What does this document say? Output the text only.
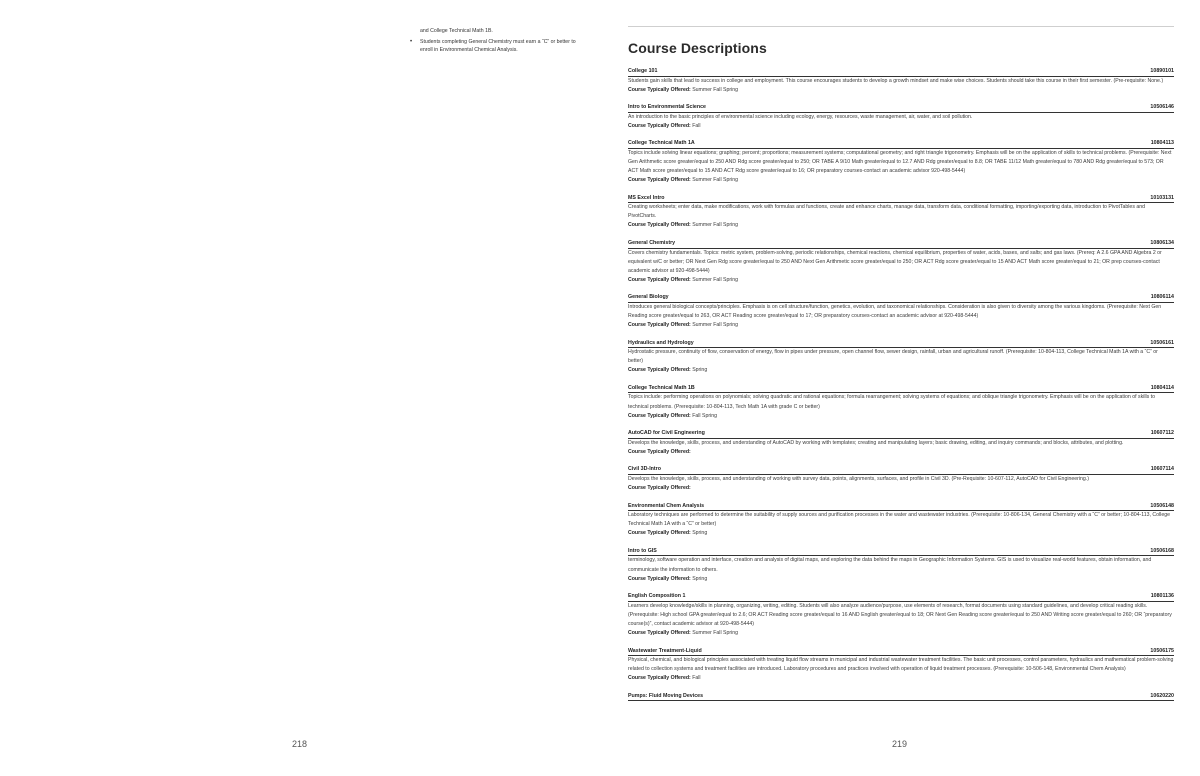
and College Technical Math 1B.
• Students completing General Chemistry must earn a “C” or better to enroll in Environmental Chemical Analysis.
218
Course Descriptions
College 101	10890101

Students gain skills that lead to success in college and employment. This course encourages students to develop a growth mindset and make wise choices. Students should take this course in their first semester. (Pre-requisite: None.)

Course Typically Offered: Summer Fall Spring
Intro to Environmental Science	10506146

An introduction to the basic principles of environmental science including ecology, energy, resources, waste management, air, water, and soil pollution.

Course Typically Offered: Fall
College Technical Math 1A	10804113

Topics include solving linear equations; graphing; percent; proportions; measurement systems; computational geometry; and right triangle trigonometry. Emphasis will be on the application of skills to technical problems. (Prerequisite: Next Gen Arithmetic score greater/equal to 250 AND Rdg score greater/equal to 250; OR TABE A 9/10 Math greater/equal to 12.7 AND Rdg greater/equal to 8.8; OR TABE 11/12 Math greater/equal to 780 AND Rdg greater/equal to 573; OR ACT Math score greater/equal to 15 AND ACT Rdg score greater/equal to 16; OR preparatory courses-contact an academic advisor 920-498-5444)

Course Typically Offered: Summer Fall Spring
MS Excel Intro	10103131

Creating worksheets; enter data, make modifications, work with formulas and functions, create and enhance charts, manage data, transform data, conditional formatting, importing/exporting data, introduction to PivotTables and PivotCharts.

Course Typically Offered: Summer Fall Spring
General Chemistry	10806134

Covers chemistry fundamentals. Topics: metric system, problem-solving, periodic relationships, chemical reactions, chemical equilibrium, properties of water, acids, bases, and salts; and gas laws. (Prereq: A 2.6 GPA AND Algebra 2 or equivalent w/C or better; OR Next Gen Rdg score greater/equal to 250 AND Next Gen Arithmetic score greater/equal to 250; OR ACT Rdg score greater/equal to 15 AND ACT Math score greater/equal to 21; OR prep courses-contact academic advisor at 920-498-5444)

Course Typically Offered: Summer Fall Spring
General Biology	10806114

Introduces general biological concepts/principles. Emphasis is on cell structure/function, genetics, evolution, and taxonomical relationships. Consideration is also given to diversity among the various kingdoms. (Prerequisite: Next Gen Reading score greater/equal to 263, OR ACT Reading score greater/equal to 17; OR preparatory courses-contact an academic advisor at 920-498-5444)

Course Typically Offered: Summer Fall Spring
Hydraulics and Hydrology	10506161

Hydrostatic pressure, continuity of flow, conservation of energy, flow in pipes under pressure, open channel flow, sewer design, rainfall, urban and agricultural runoff. (Prerequisite: 10-804-113, College Technical Math 1A with a “C” or better)

Course Typically Offered: Spring
College Technical Math 1B	10804114

Topics include: performing operations on polynomials; solving quadratic and rational equations; formula rearrangement; solving systems of equations; and oblique triangle trigonometry. Emphasis will be on the application of skills to technical problems. (Prerequisite: 10-804-113, Tech Math 1A with grade C or better)

Course Typically Offered: Fall Spring
AutoCAD for Civil Engineering	10607112

Develops the knowledge, skills, process, and understanding of AutoCAD by working with templates; creating and manipulating layers; basic drawing, editing, and inquiry commands; and blocks, attributes, and plotting.

Course Typically Offered:
Civil 3D-Intro	10607114

Develops the knowledge, skills, process, and understanding of working with survey data, points, alignments, surfaces, and profile in Civil 3D. (Pre-Requisite: 10-607-112, AutoCAD for Civil Engineering.)

Course Typically Offered:
Environmental Chem Analysis	10506148

Laboratory techniques are performed to determine the suitability of supply sources and purification processes in the water and wastewater industries. (Prerequisite: 10-806-134, General Chemistry with a “C” or better; 10-804-113, College Technical Math 1A with a “C” or better)

Course Typically Offered: Spring
Intro to GIS	10506168

terminology, software operation and interface, creation and analysis of digital maps, and exploring the data behind the maps in Geographic Information Systems. GIS is used to visualize real-world features, obtain information, and communicate the information to others.

Course Typically Offered: Spring
English Composition 1	10801136

Learners develop knowledge/skills in planning, organizing, writing, editing. Students will also analyze audience/purpose, use elements of research, format documents using standard guidelines, and develop critical reading skills. (Prerequisite: High school GPA greater/equal to 2.6; OR ACT Reading score greater/equal to 16 AND English greater/equal to 18; OR Next Gen Reading score greater/equal to 250 AND Writing score greater/equal to 260; OR “preparatory course(s)”, contact academic advisor at 920-498-5444)

Course Typically Offered: Summer Fall Spring
Wastewater Treatment-Liquid	10506175

Physical, chemical, and biological principles associated with treating liquid flow streams in municipal and industrial wastewater treatment facilities. The basic unit processes, control parameters, hydraulics and mathematical problem-solving related to collection systems and treatment facilities are introduced. Laboratory procedures and practices involved with operation of liquid treatment processes. (Prerequisite: 10-506-148, Environmental Chem Analysis)

Course Typically Offered: Fall
Pumps: Fluid Moving Devices	10620220
219
